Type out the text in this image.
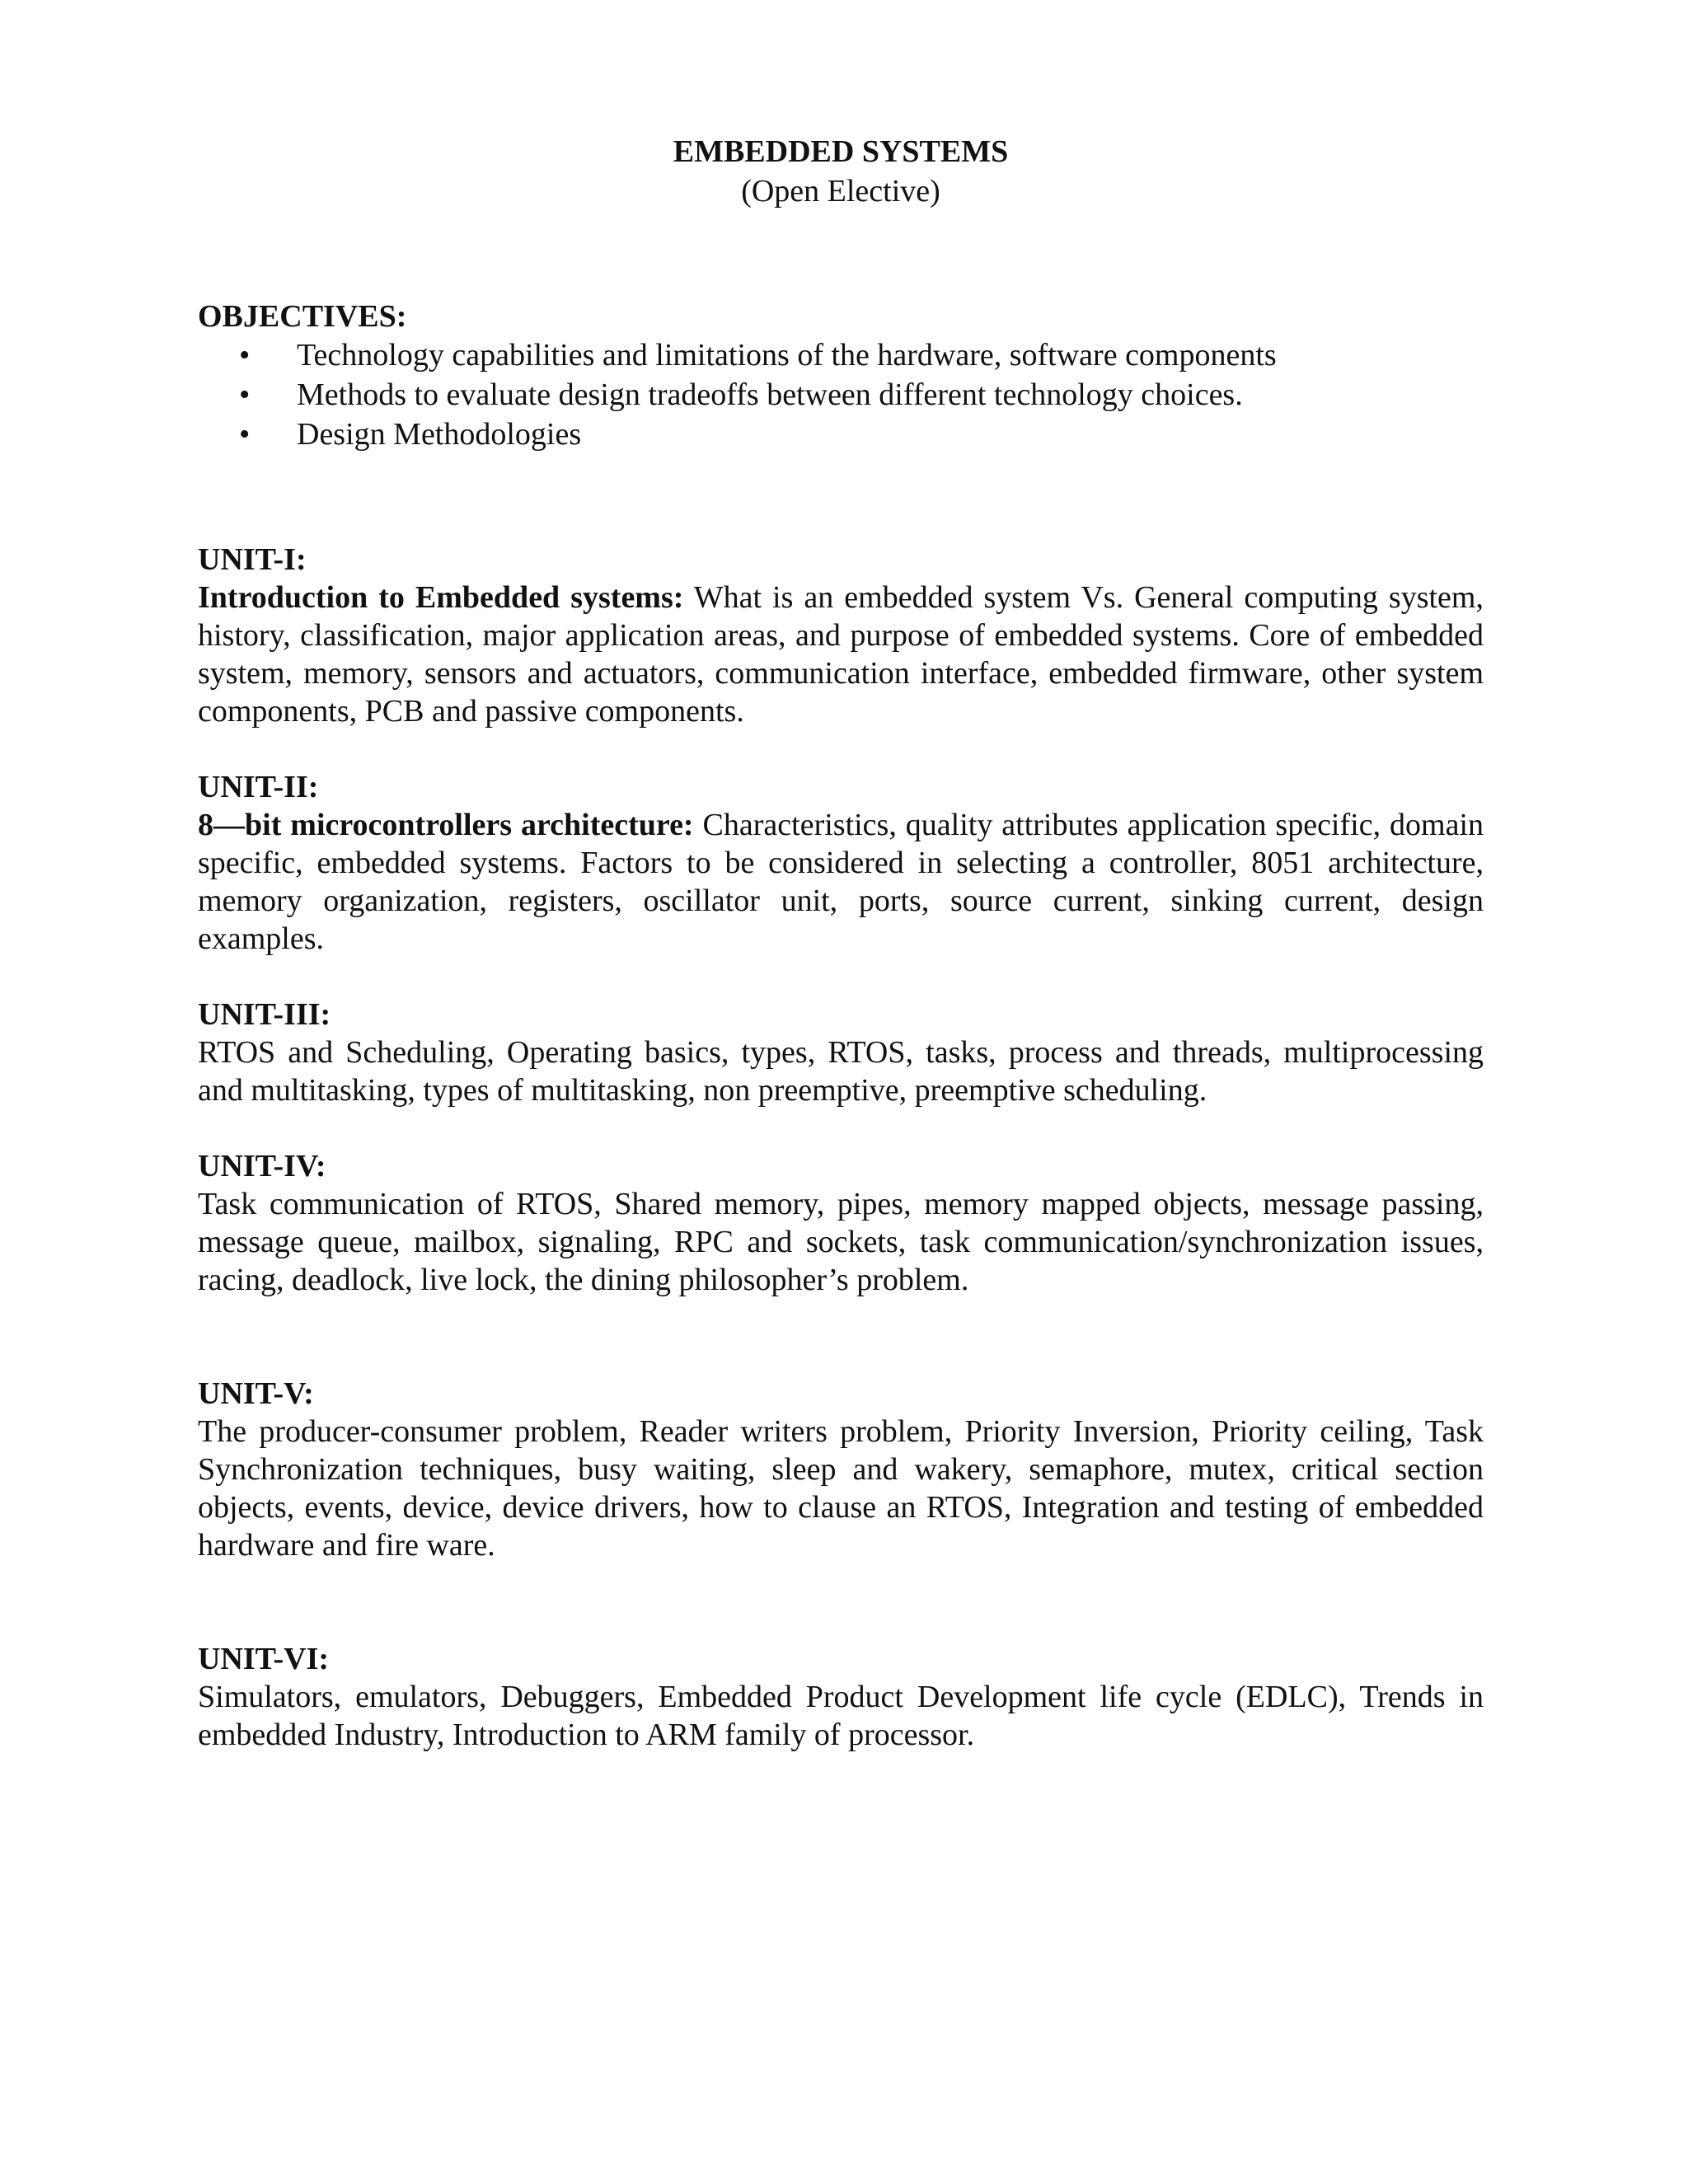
EMBEDDED SYSTEMS
(Open Elective)
OBJECTIVES:
•	Technology capabilities and limitations of the hardware, software components
•	Methods to evaluate design tradeoffs between different technology choices.
•	Design Methodologies
UNIT-I:
Introduction to Embedded systems: What is an embedded system Vs. General computing system, history, classification, major application areas, and purpose of embedded systems. Core of embedded system, memory, sensors and actuators, communication interface, embedded firmware, other system components, PCB and passive components.
UNIT-II:
8—bit microcontrollers architecture: Characteristics, quality attributes application specific, domain specific, embedded systems. Factors to be considered in selecting a controller, 8051 architecture, memory organization, registers, oscillator unit, ports, source current, sinking current, design examples.
UNIT-III:
RTOS and Scheduling, Operating basics, types, RTOS, tasks, process and threads, multiprocessing and multitasking, types of multitasking, non preemptive, preemptive scheduling.
UNIT-IV:
Task communication of RTOS, Shared memory, pipes, memory mapped objects, message passing, message queue, mailbox, signaling, RPC and sockets, task communication/synchronization issues, racing, deadlock, live lock, the dining philosopher’s problem.
UNIT-V:
The producer-consumer problem, Reader writers problem, Priority Inversion, Priority ceiling, Task Synchronization techniques, busy waiting, sleep and wakery, semaphore, mutex, critical section objects, events, device, device drivers, how to clause an RTOS, Integration and testing of embedded hardware and fire ware.
UNIT-VI:
Simulators, emulators, Debuggers, Embedded Product Development life cycle (EDLC), Trends in embedded Industry, Introduction to ARM family of processor.
